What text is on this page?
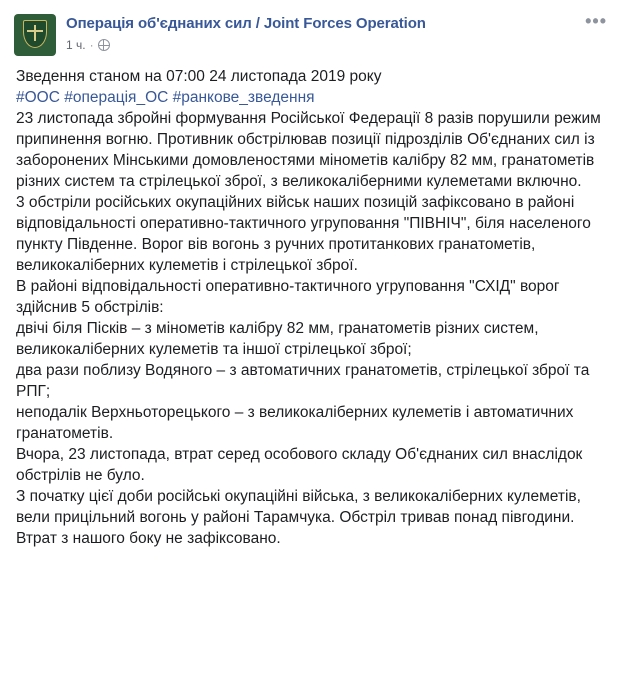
Операція об'єднаних сил / Joint Forces Operation
1 ч. ·
•••

Зведення станом на 07:00 24 листопада 2019 року

#ООС #операція_ОС #ранкове_зведення

23 листопада збройні формування Російської Федерації 8 разів порушили режим припинення вогню. Противник обстрілював позиції підрозділів Об'єднаних сил із заборонених Мінськими домовленостями мінометів калібру 82 мм, гранатометів різних систем та стрілецької зброї, з великокаліберними кулеметами включно.

3 обстріли російських окупаційних військ наших позицій зафіксовано в районі відповідальності оперативно-тактичного угруповання "ПІВНІЧ", біля населеного пункту Південне. Ворог вів вогонь з ручних протитанкових гранатометів, великокаліберних кулеметів і стрілецької зброї.

В районі відповідальності оперативно-тактичного угруповання "СХІД" ворог здійснив 5 обстрілів:

двічі біля Пісків – з мінометів калібру 82 мм, гранатометів різних систем, великокаліберних кулеметів та іншої стрілецької зброї;

два рази поблизу Водяного – з автоматичних гранатометів, стрілецької зброї та РПГ;

неподалік Верхньоторецького – з великокаліберних кулеметів і автоматичних гранатометів.

Вчора, 23 листопада, втрат серед особового складу Об'єднаних сил внаслідок обстрілів не було.

З початку цієї доби російські окупаційні війська, з великокаліберних кулеметів, вели прицільний вогонь у районі Тарамчука. Обстріл тривав понад півгодини. Втрат з нашого боку не зафіксовано.
